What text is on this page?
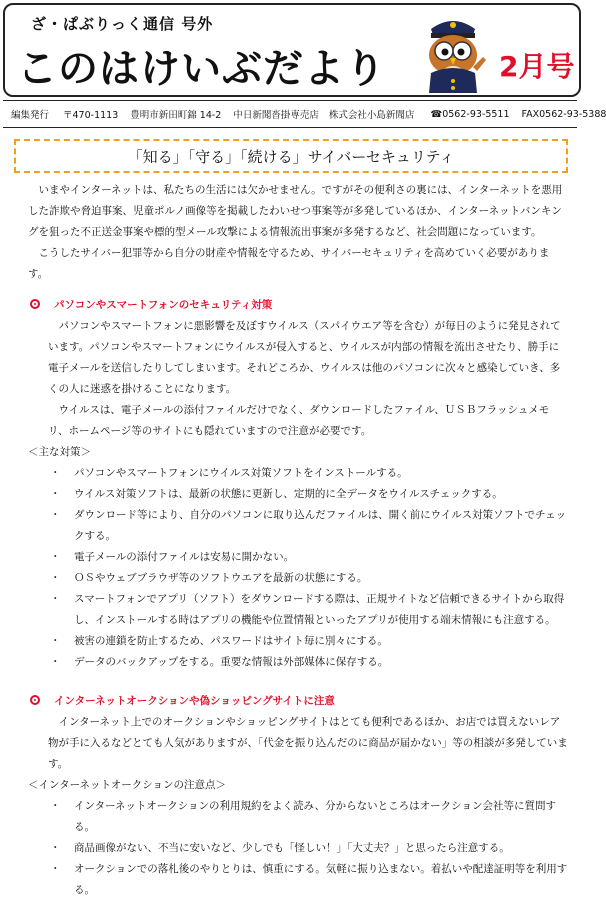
ざ・ぱぶりっく通信 号外
このはけいぶだより	2月号
編集発行 〒470-1113 豊明市新田町錦 14-2 中日新聞沓掛専売店 株式会社小島新聞店 ☎0562-93-5511 FAX0562-93-5388
「知る」「守る」「続ける」サイバーセキュリティ

いまやインターネットは、私たちの生活には欠かせません。ですがその便利さの裏には、インターネットを悪用した詐欺や脅迫事案、児童ポルノ画像等を掲載したわいせつ事案等が多発しているほか、インターネットバンキングを狙った不正送金事案や標的型メール攻撃による情報流出事案が多発するなど、社会問題になっています。

こうしたサイバー犯罪等から自分の財産や情報を守るため、サイバーセキュリティを高めていく必要があります。

パソコンやスマートフォンのセキュリティ対策

パソコンやスマートフォンに悪影響を及ぼすウイルス（スパイウエア等を含む）が毎日のように発見されています。パソコンやスマートフォンにウイルスが侵入すると、ウイルスが内部の情報を流出させたり、勝手に電子メールを送信したりしてしまいます。それどころか、ウイルスは他のパソコンに次々と感染していき、多くの人に迷惑を掛けることになります。

ウイルスは、電子メールの添付ファイルだけでなく、ダウンロードしたファイル、ＵＳＢフラッシュメモリ、ホームページ等のサイトにも隠れていますので注意が必要です。

＜主な対策＞

・ パソコンやスマートフォンにウイルス対策ソフトをインストールする。
・ ウイルス対策ソフトは、最新の状態に更新し、定期的に全データをウイルスチェックする。
・ ダウンロード等により、自分のパソコンに取り込んだファイルは、開く前にウイルス対策ソフトでチェックする。
・ 電子メールの添付ファイルは安易に開かない。
・ ＯＳやウェブブラウザ等のソフトウエアを最新の状態にする。
・ スマートフォンでアプリ（ソフト）をダウンロードする際は、正規サイトなど信頼できるサイトから取得し、インストールする時はアプリの機能や位置情報といったアプリが使用する端末情報にも注意する。
・ 被害の連鎖を防止するため、パスワードはサイト毎に別々にする。
・ データのバックアップをする。重要な情報は外部媒体に保存する。
インターネットオークションや偽ショッピングサイトに注意

インターネット上でのオークションやショッピングサイトはとても便利であるほか、お店では買えないレア物が手に入るなどとても人気がありますが、「代金を振り込んだのに商品が届かない」等の相談が多発しています。

＜インターネットオークションの注意点＞

・ インターネットオークションの利用規約をよく読み、分からないところはオークション会社等に質問する。
・ 商品画像がない、不当に安いなど、少しでも「怪しい！」「大丈夫？」と思ったら注意する。
・ オークションでの落札後のやりとりは、慎重にする。気軽に振り込まない。着払いや配達証明等を利用する。
